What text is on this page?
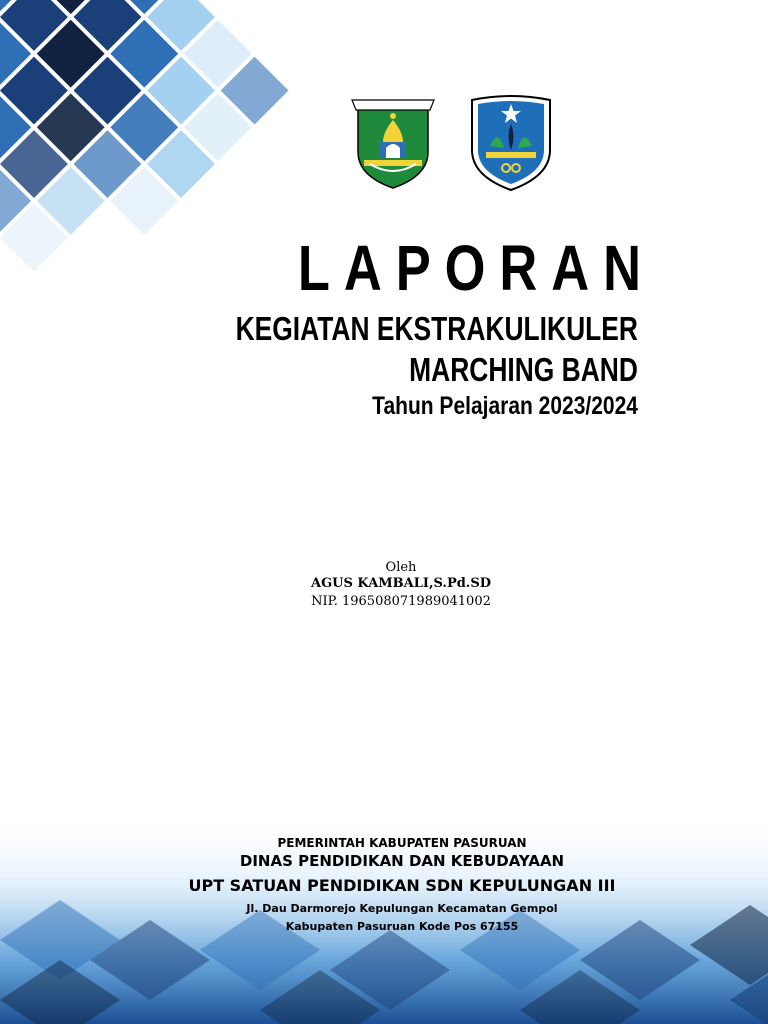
LAPORAN
KEGIATAN EKSTRAKULIKULER
MARCHING BAND
Tahun Pelajaran 2023/2024
Oleh
AGUS KAMBALI,S.Pd.SD
NIP. 196508071989041002
PEMERINTAH KABUPATEN PASURUAN
DINAS PENDIDIKAN DAN KEBUDAYAAN
UPT SATUAN PENDIDIKAN SDN KEPULUNGAN III
Jl. Dau Darmorejo Kepulungan Kecamatan Gempol
Kabupaten Pasuruan Kode Pos 67155
